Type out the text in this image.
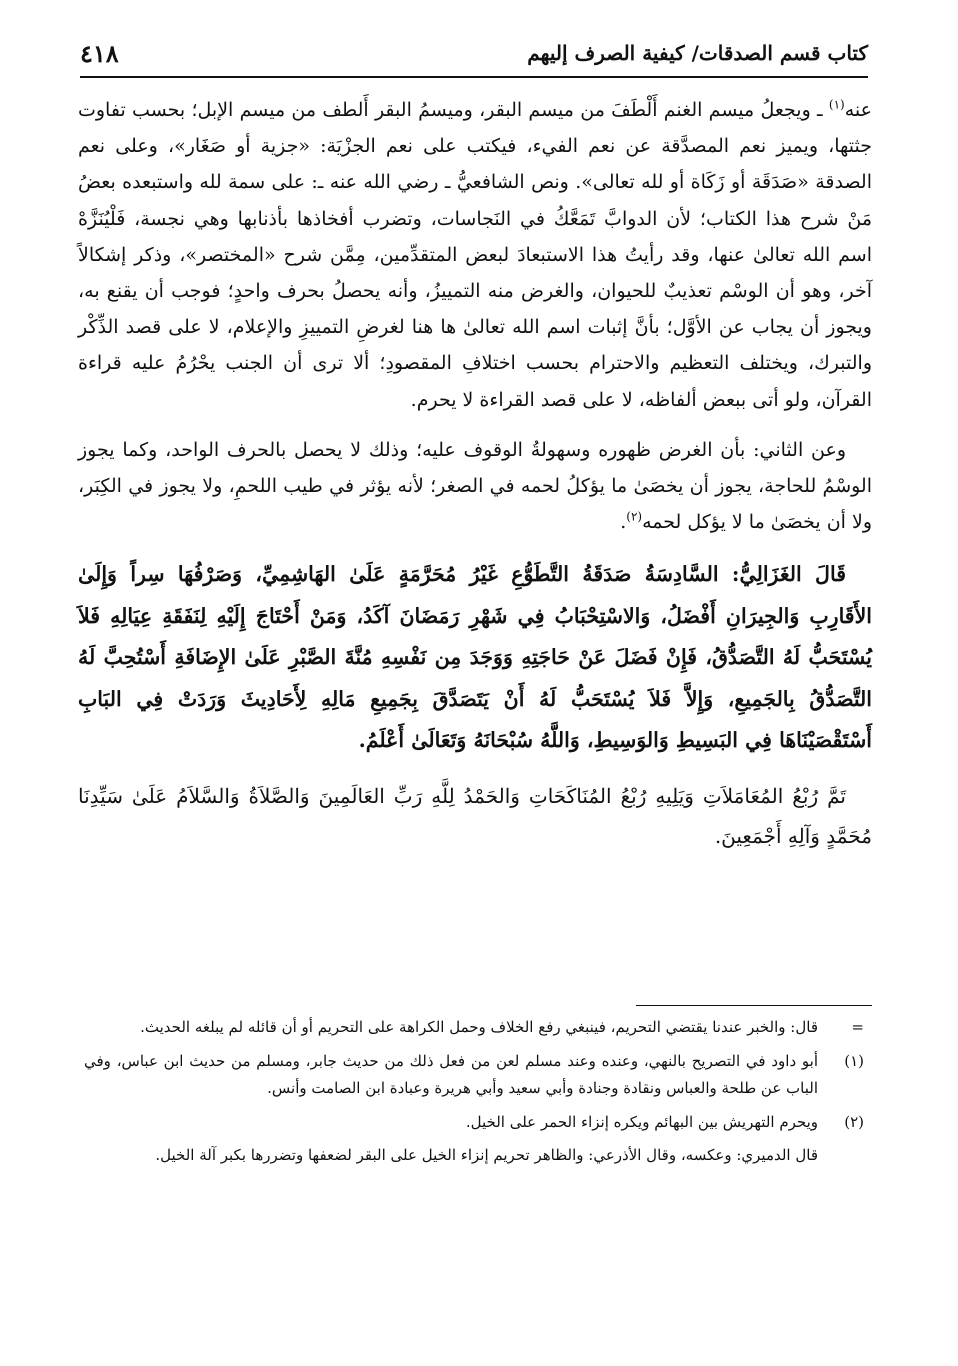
كتاب قسم الصدقات/ كيفية الصرف إليهم
٤١٨

عنه$^{(١)}$ ـ ويجعلُ ميسم الغنم أَلْطَفَ من ميسم البقر، وميسمُ البقر أَلطف من ميسم الإبل؛ بحسب تفاوت جثتها، ويميز نعم المصدَّقة عن نعم الفيء، فيكتب على نعم الجزْيَة: «جزية أو صَغَار»، وعلى نعم الصدقة «صَدَقَة أو زَكَاة أو لله تعالى». ونص الشافعيُّ ـ رضي الله عنه ـ: على سمة لله واستبعده بعضُ مَنْ شرح هذا الكتاب؛ لأن الدوابَّ تَمَعَّكُ في النَجاسات، وتضرب أفخاذها بأذنابها وهي نجسة، فَلْيُنَزَّهْ اسم الله تعالىٰ عنها، وقد رأيتُ هذا الاستبعادَ لبعض المتقدِّمين، مِمَّن شرح «المختصر»، وذكر إشكالاً آخر، وهو أن الوسْم تعذيبٌ للحيوان، والغرض منه التمييزُ، وأنه يحصلُ بحرف واحدٍ؛ فوجب أن يقنع به، ويجوز أن يجاب عن الأوَّل؛ بأنَّ إثبات اسم الله تعالىٰ ها هنا لغرضِ التمييزِ والإعلام، لا على قصد الذِّكْر والتبرك، ويختلف التعظيم والاحترام بحسب اختلافِ المقصودِ؛ ألا ترى أن الجنب يحْرُمُ عليه قراءة القرآن، ولو أتى ببعض ألفاظه، لا على قصد القراءة لا يحرم.

وعن الثاني: بأن الغرض ظهوره وسهولةُ الوقوف عليه؛ وذلك لا يحصل بالحرف الواحد، وكما يجوز الوسْمُ للحاجة، يجوز أن يخصَىٰ ما يؤكلُ لحمه في الصغر؛ لأنه يؤثر في طيب اللحمِ، ولا يجوز في الكِبَر، ولا أن يخصَىٰ ما لا يؤكل لحمه$^{(٢)}$.

قَالَ الغَزَالِيُّ: السَّادِسَةُ صَدَقَةُ التَّطَوُّعِ غَيْرُ مُحَرَّمَةٍ عَلَىٰ الهَاشِمِيِّ، وَصَرْفُهَا سِراً وَإِلَىٰ الأَقَارِبِ وَالجِيرَانِ أَفْضَلُ، وَالاسْتِحْبَابُ فِي شَهْرِ رَمَضَانَ آكَدُ، وَمَنْ أَحْتَاجَ إِلَيْهِ لِنَفَقَةِ عِيَالِهِ فَلاَ يُسْتَحَبُّ لَهُ التَّصَدُّقُ، فَإِنْ فَضَلَ عَنْ حَاجَتِهِ وَوَجَدَ مِن نَفْسِهِ مُنَّةَ الصَّبْرِ عَلَىٰ الإِضَافَةِ أَسْتُحِبَّ لَهُ التَّصَدُّقُ بِالجَمِيعِ، وَإِلاَّ فَلاَ يُسْتَحَبُّ لَهُ أَنْ يَتَصَدَّقَ بِجَمِيعِ مَالِهِ لِأَحَادِيثَ وَرَدَتْ فِي البَابِ أَسْتَقْصَيْنَاهَا فِي البَسِيطِ وَالوَسِيطِ، وَاللَّهُ سُبْحَانَهُ وَتَعَالَىٰ أَعْلَمُ.

تَمَّ رُبْعُ المُعَامَلاَتِ وَيَلِيهِ رُبْعُ المُنَاكَحَاتِ وَالحَمْدُ لِلَّهِ رَبِّ العَالَمِينَ وَالصَّلاَةُ وَالسَّلاَمُ عَلَىٰ سَيِّدِنَا مُحَمَّدٍ وَآلِهِ أَجْمَعِينَ.

=
قال: والخبر عندنا يقتضي التحريم، فينبغي رفع الخلاف وحمل الكراهة على التحريم أو أن قائله لم يبلغه الحديث.
(١)
أبو داود في التصريح بالنهي، وعنده وعند مسلم لعن من فعل ذلك من حديث جابر، ومسلم من حديث ابن عباس، وفي الباب عن طلحة والعباس ونقادة وجنادة وأبي سعيد وأبي هريرة وعبادة ابن الصامت وأنس.
(٢)
ويحرم التهريش بين البهائم ويكره إنزاء الحمر على الخيل.
قال الدميري: وعكسه، وقال الأذرعي: والظاهر تحريم إنزاء الخيل على البقر لضعفها وتضررها بكبر آلة الخيل.
